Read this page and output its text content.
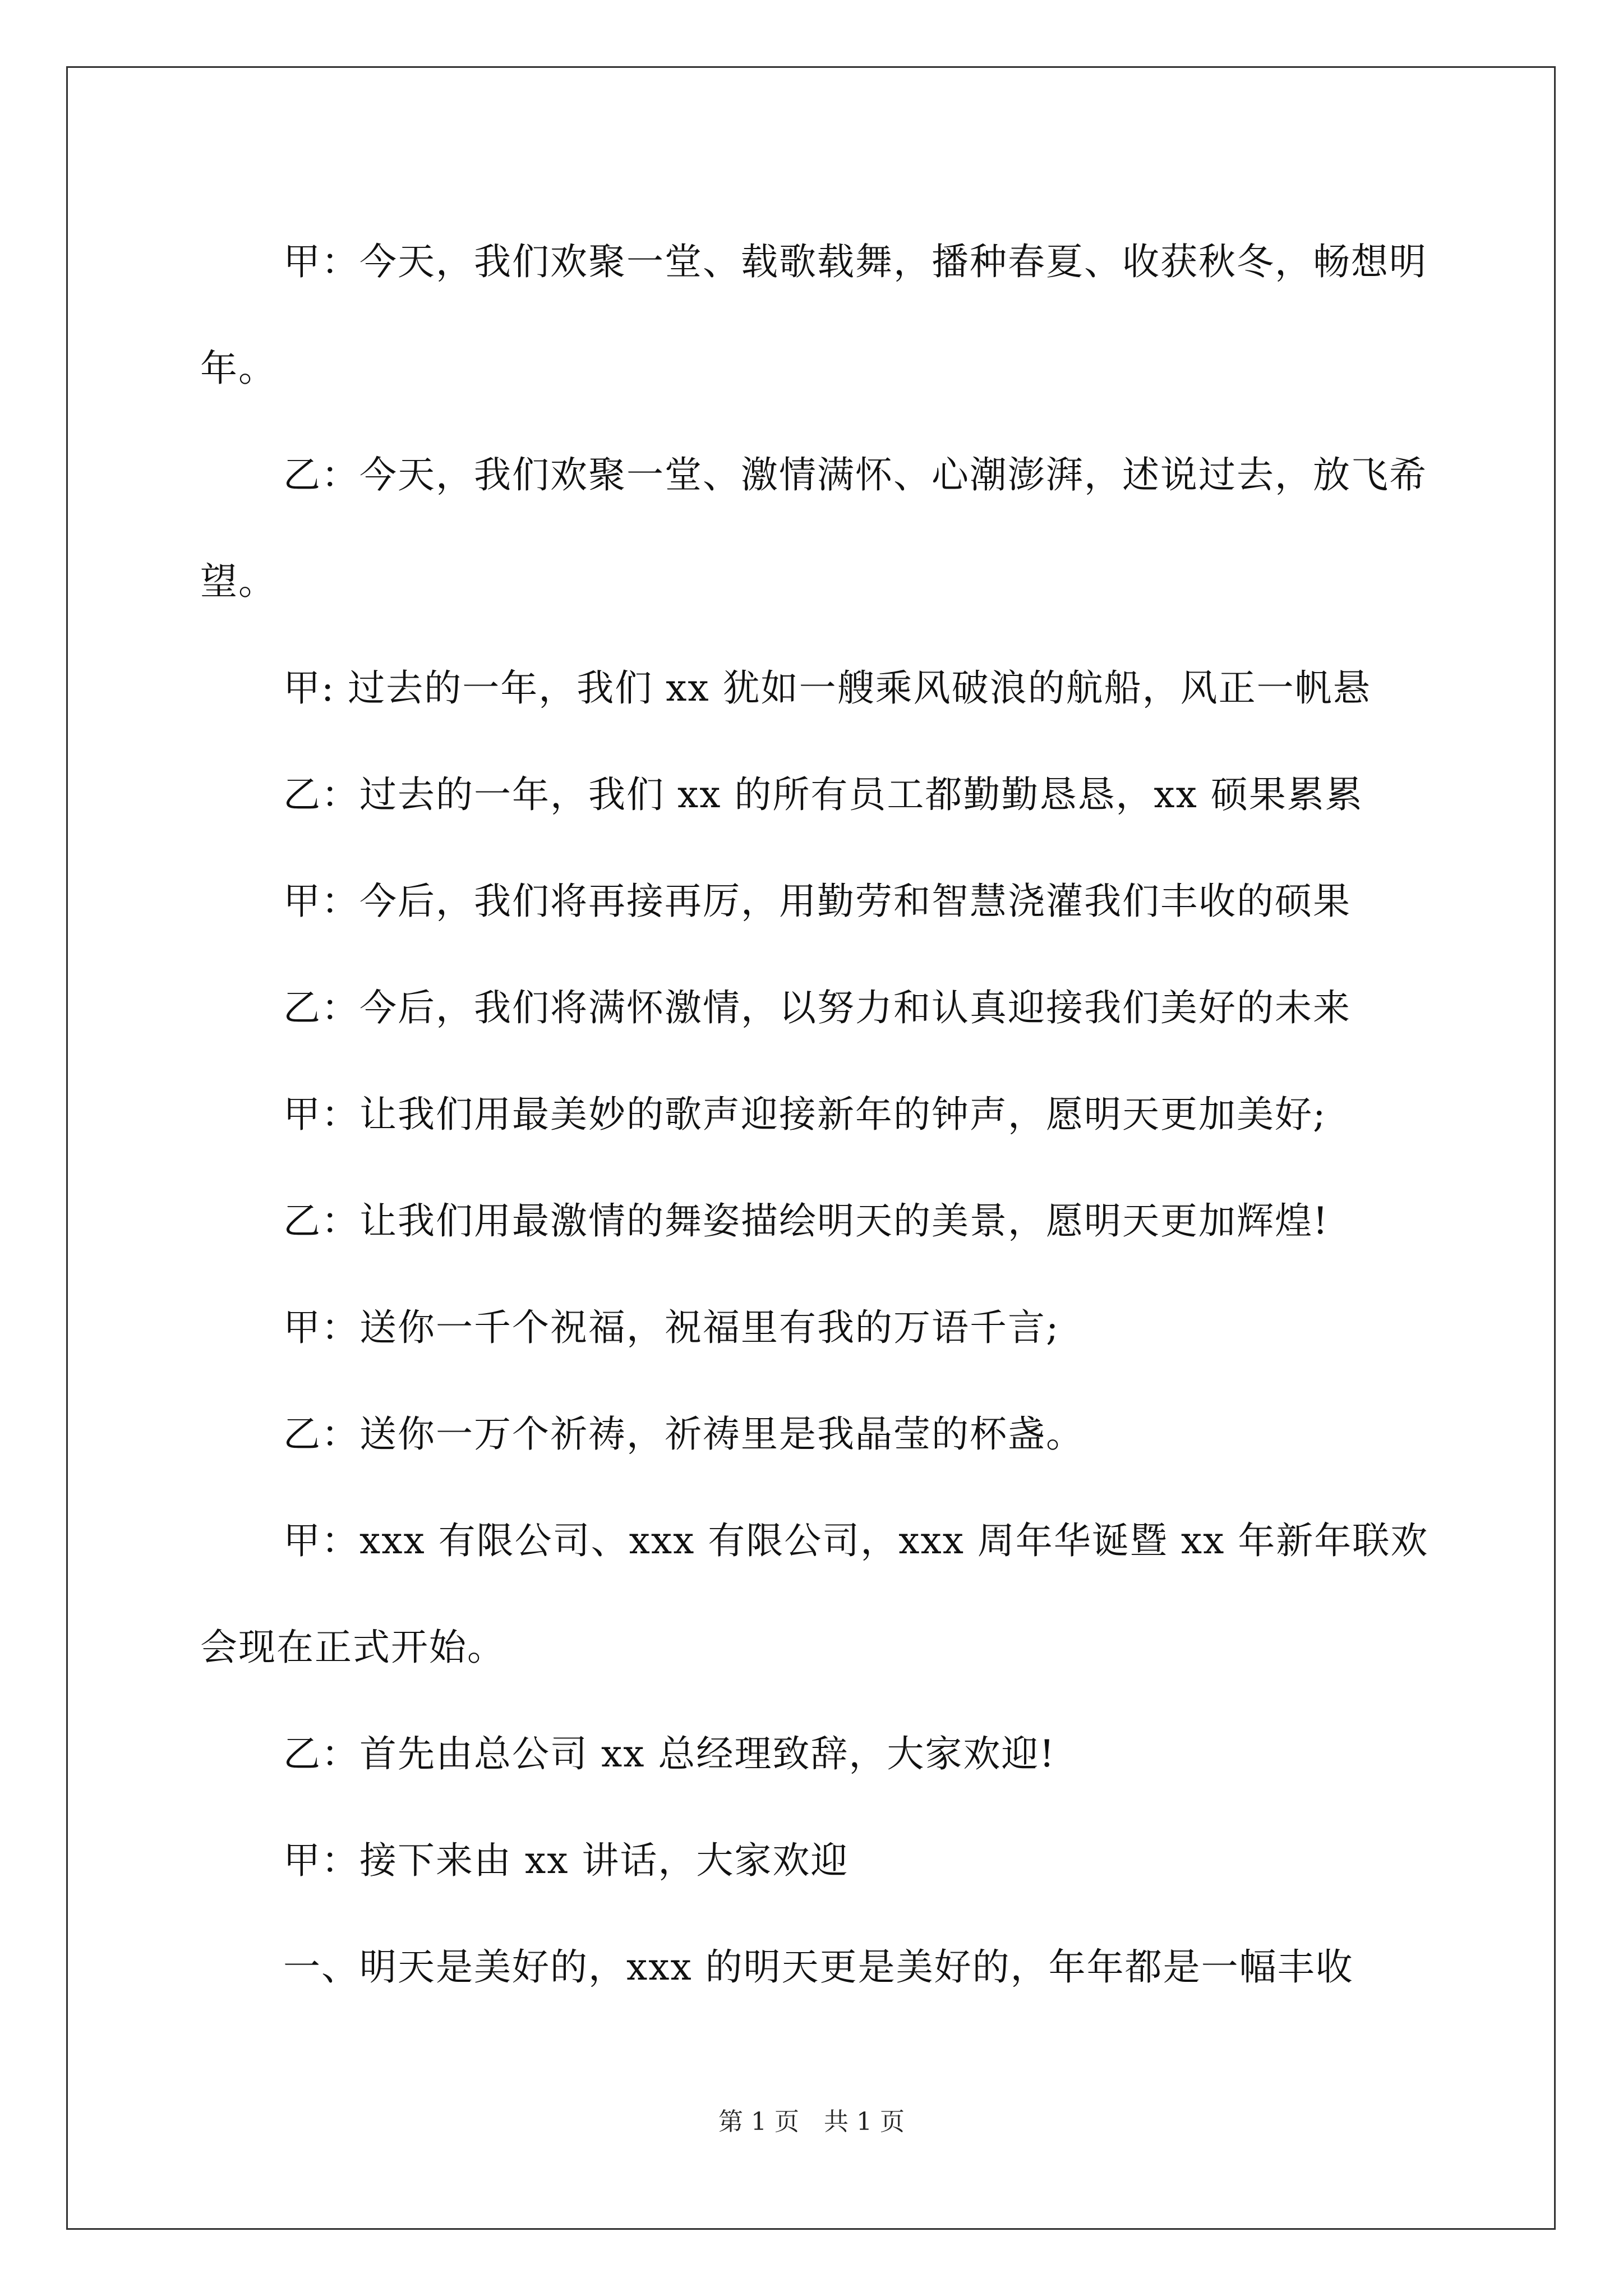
甲：今天，我们欢聚一堂、载歌载舞，播种春夏、收获秋冬，畅想明年。

乙：今天，我们欢聚一堂、激情满怀、心潮澎湃，述说过去，放飞希望。

甲: 过去的一年，我们 xx 犹如一艘乘风破浪的航船，风正一帆悬

乙：过去的一年，我们 xx 的所有员工都勤勤恳恳，xx 硕果累累

甲：今后，我们将再接再厉，用勤劳和智慧浇灌我们丰收的硕果

乙：今后，我们将满怀激情，以努力和认真迎接我们美好的未来

甲：让我们用最美妙的歌声迎接新年的钟声，愿明天更加美好;

乙：让我们用最激情的舞姿描绘明天的美景，愿明天更加辉煌!

甲：送你一千个祝福，祝福里有我的万语千言;

乙：送你一万个祈祷，祈祷里是我晶莹的杯盏。

甲：xxx 有限公司、xxx 有限公司，xxx 周年华诞暨 xx 年新年联欢会现在正式开始。

乙：首先由总公司 xx 总经理致辞，大家欢迎!

甲：接下来由 xx 讲话，大家欢迎

一、明天是美好的，xxx 的明天更是美好的，年年都是一幅丰收

第 1 页　共 1 页
